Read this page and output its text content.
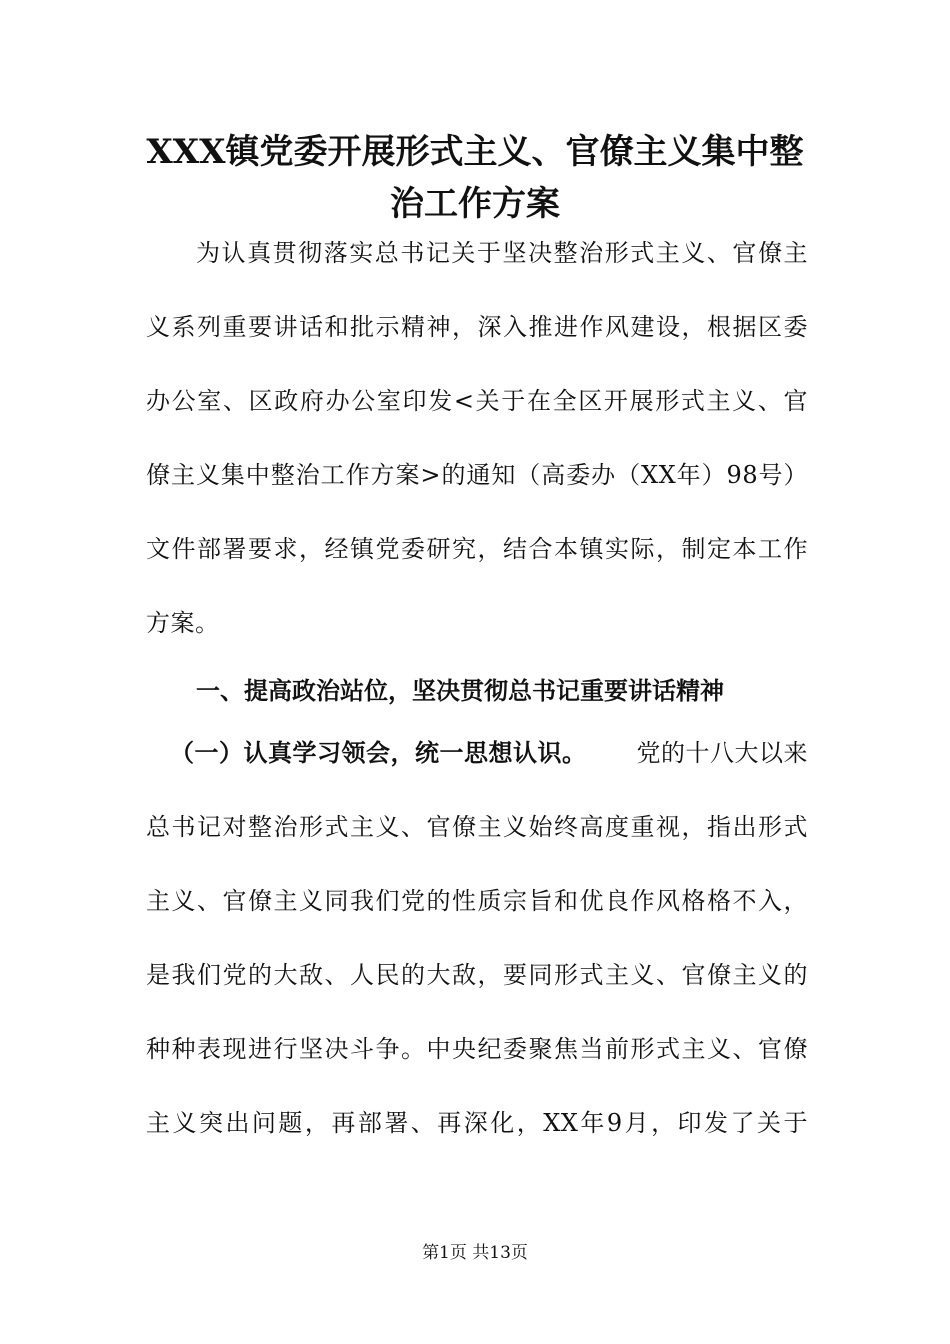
XXX镇党委开展形式主义、官僚主义集中整
治工作方案
为认真贯彻落实总书记关于坚决整治形式主义、官僚主
义系列重要讲话和批示精神，深入推进作风建设，根据区委
办公室、区政府办公室印发<关于在全区开展形式主义、官
僚主义集中整治工作方案>的通知（高委办（XX年）98号）
文件部署要求，经镇党委研究，结合本镇实际，制定本工作
方案。
一、提高政治站位，坚决贯彻总书记重要讲话精神
（一）认真学习领会，统一思想认识。 党的十八大以来
总书记对整治形式主义、官僚主义始终高度重视，指出形式
主义、官僚主义同我们党的性质宗旨和优良作风格格不入，
是我们党的大敌、人民的大敌，要同形式主义、官僚主义的
种种表现进行坚决斗争。中央纪委聚焦当前形式主义、官僚
主义突出问题，再部署、再深化，XX年9月，印发了关于
第1页 共13页
